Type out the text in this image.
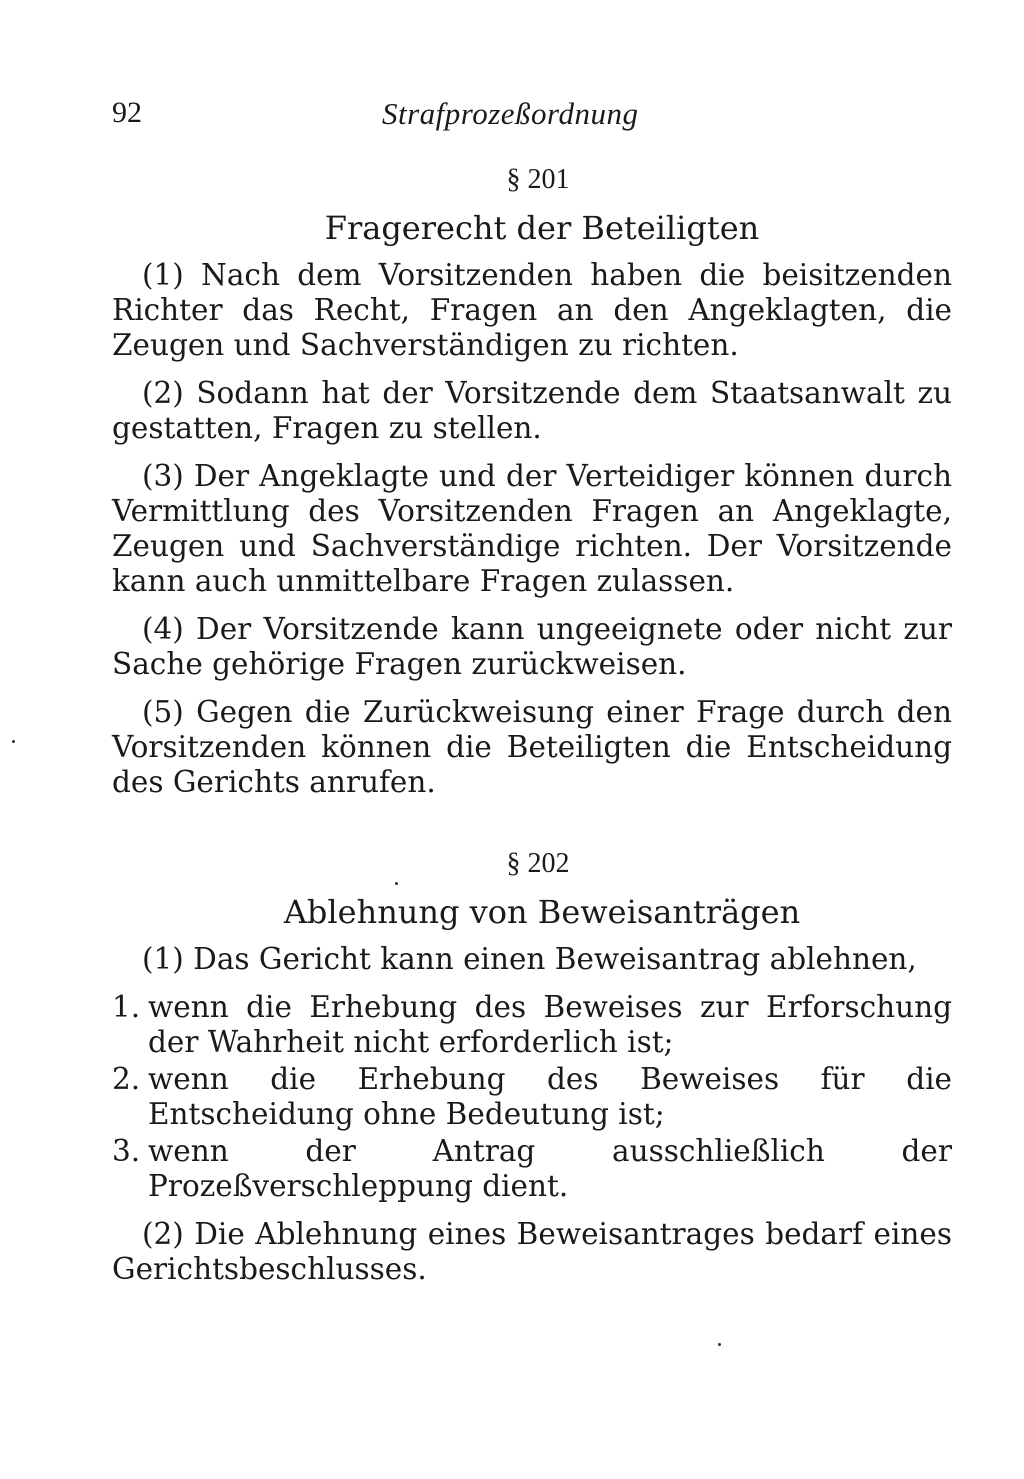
92	Strafprozeßordnung
§ 201
Fragerecht der Beteiligten

(1) Nach dem Vorsitzenden haben die beisitzenden Richter das Recht, Fragen an den Angeklagten, die Zeugen und Sachverständigen zu richten.

(2) Sodann hat der Vorsitzende dem Staatsanwalt zu gestatten, Fragen zu stellen.

(3) Der Angeklagte und der Verteidiger können durch Vermittlung des Vorsitzenden Fragen an Angeklagte, Zeugen und Sachverständige richten. Der Vorsitzende kann auch unmittelbare Fragen zulassen.

(4) Der Vorsitzende kann ungeeignete oder nicht zur Sache gehörige Fragen zurückweisen.

(5) Gegen die Zurückweisung einer Frage durch den Vorsitzenden können die Beteiligten die Entscheidung des Gerichts anrufen.

§ 202
Ablehnung von Beweisanträgen

(1) Das Gericht kann einen Beweisantrag ablehnen,

1. wenn die Erhebung des Beweises zur Erforschung der Wahrheit nicht erforderlich ist;
2. wenn die Erhebung des Beweises für die Entscheidung ohne Bedeutung ist;
3. wenn der Antrag ausschließlich der Prozeßverschleppung dient.

(2) Die Ablehnung eines Beweisantrages bedarf eines Gerichtsbeschlusses.
